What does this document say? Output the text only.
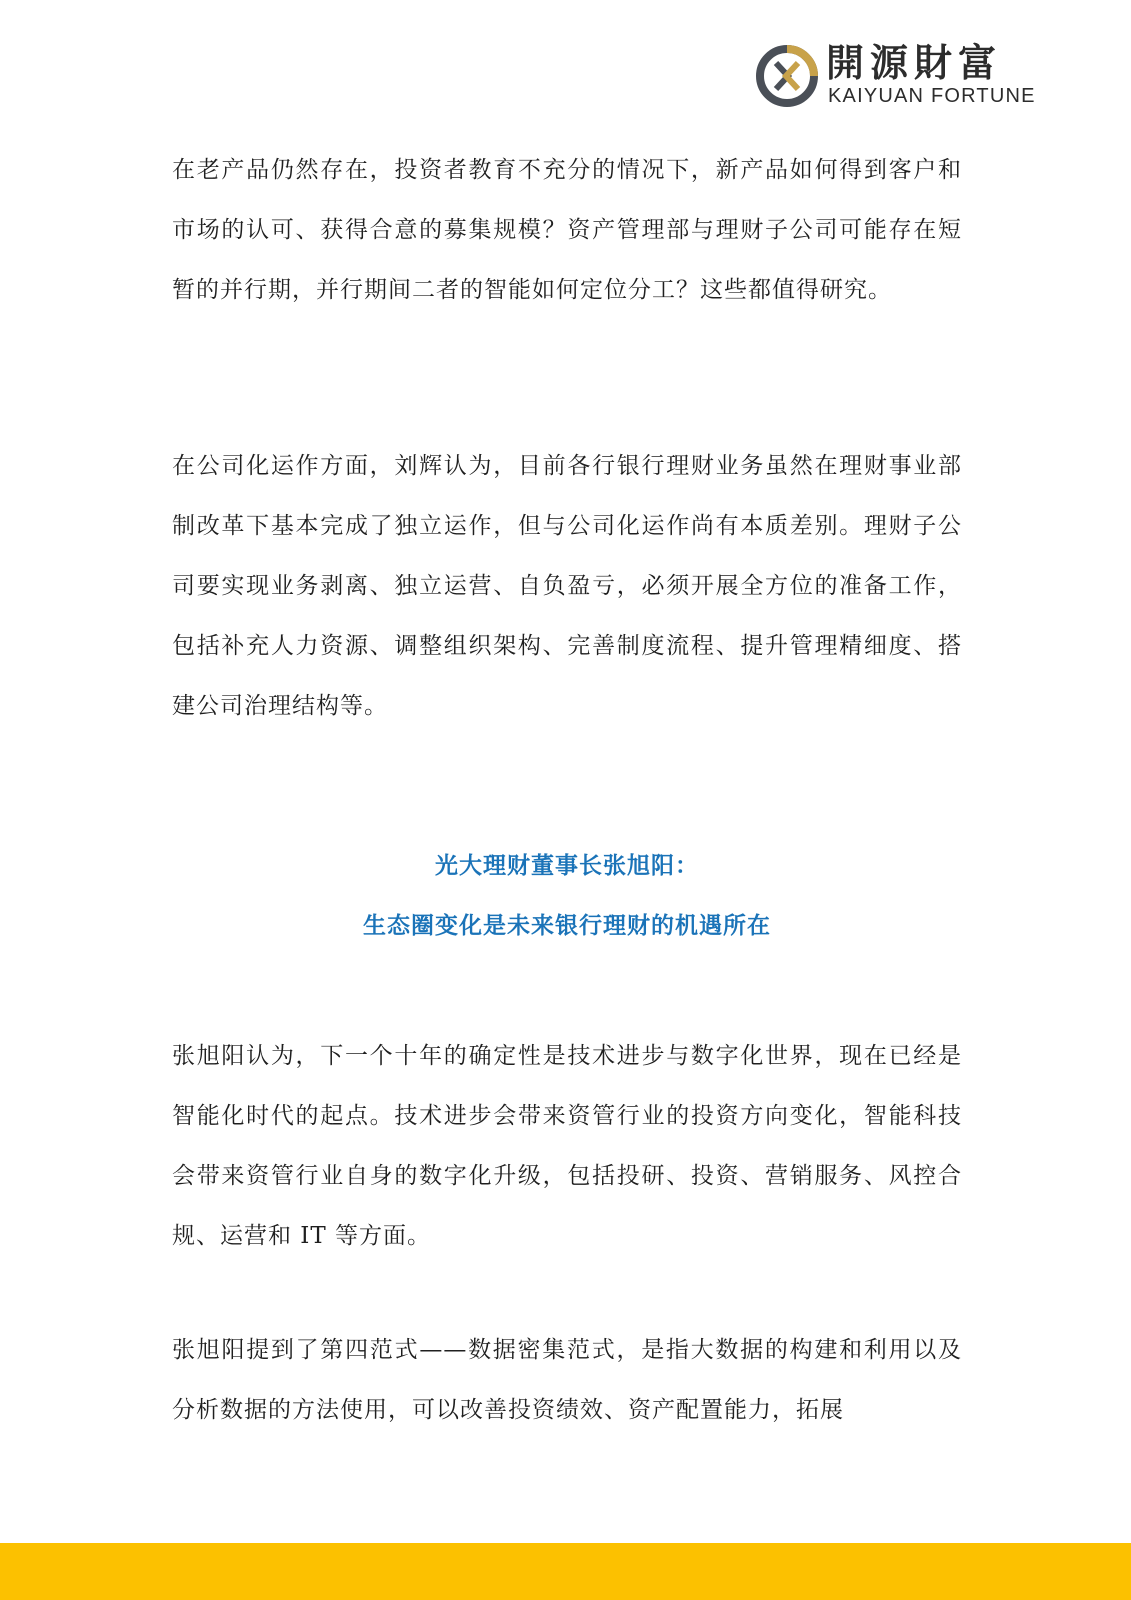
開源財富
KAIYUAN FORTUNE

在老产品仍然存在，投资者教育不充分的情况下，新产品如何得到客户和市场的认可、获得合意的募集规模？资产管理部与理财子公司可能存在短暂的并行期，并行期间二者的智能如何定位分工？这些都值得研究。

在公司化运作方面，刘辉认为，目前各行银行理财业务虽然在理财事业部制改革下基本完成了独立运作，但与公司化运作尚有本质差别。理财子公司要实现业务剥离、独立运营、自负盈亏，必须开展全方位的准备工作，包括补充人力资源、调整组织架构、完善制度流程、提升管理精细度、搭建公司治理结构等。

光大理财董事长张旭阳：
生态圈变化是未来银行理财的机遇所在

张旭阳认为，下一个十年的确定性是技术进步与数字化世界，现在已经是智能化时代的起点。技术进步会带来资管行业的投资方向变化，智能科技会带来资管行业自身的数字化升级，包括投研、投资、营销服务、风控合规、运营和 IT 等方面。

张旭阳提到了第四范式——数据密集范式，是指大数据的构建和利用以及分析数据的方法使用，可以改善投资绩效、资产配置能力，拓展
